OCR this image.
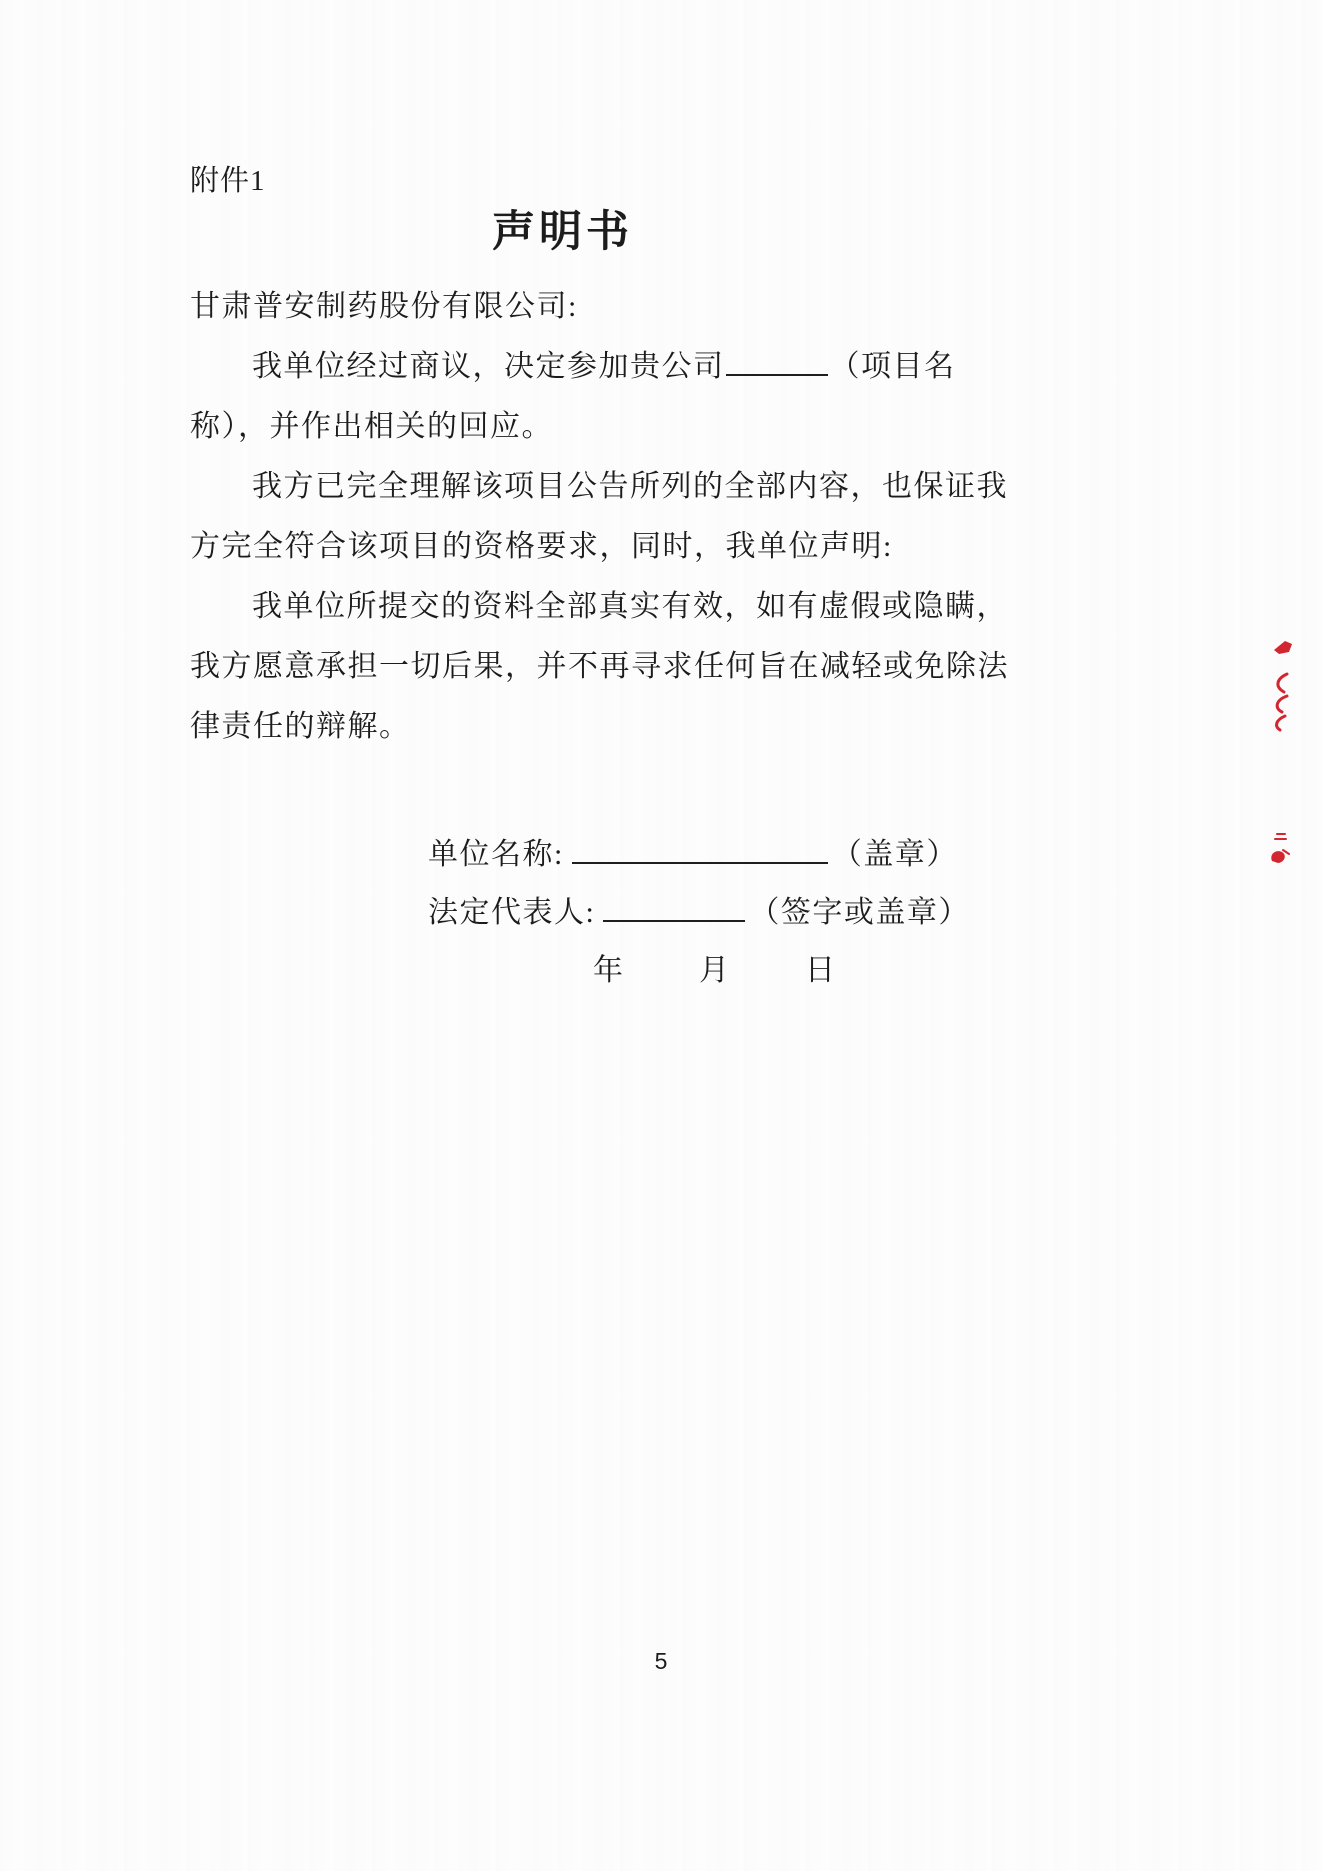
附件1
声明书
甘肃普安制药股份有限公司:
我单位经过商议，决定参加贵公司	（项目名
称），并作出相关的回应。
我方已完全理解该项目公告所列的全部内容，也保证我
方完全符合该项目的资格要求，同时，我单位声明:
我单位所提交的资料全部真实有效，如有虚假或隐瞒，
我方愿意承担一切后果，并不再寻求任何旨在减轻或免除法
律责任的辩解。
单位名称:	（盖章）
法定代表人:	（签字或盖章）
年	月	日
5
